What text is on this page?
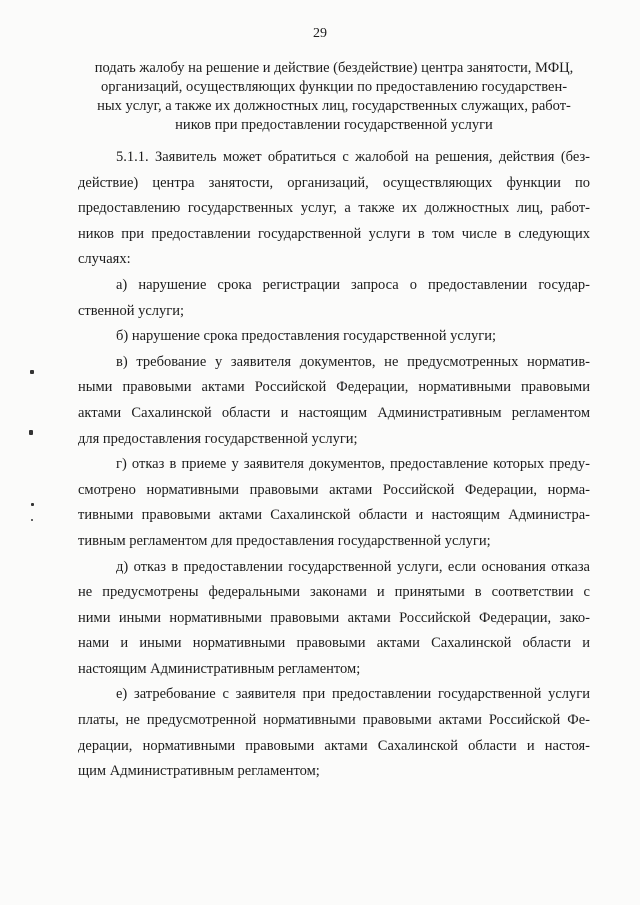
29
подать жалобу на решение и действие (бездействие) центра занятости, МФЦ,
организаций, осуществляющих функции по предоставлению государствен-
ных услуг, а также их должностных лиц, государственных служащих, работ-
ников при предоставлении государственной услуги
5.1.1. Заявитель может обратиться с жалобой на решения, действия (без-
действие) центра занятости, организаций, осуществляющих функции по
предоставлению государственных услуг, а также их должностных лиц, работ-
ников при предоставлении государственной услуги в том числе в следующих
случаях:
а) нарушение срока регистрации запроса о предоставлении государ-
ственной услуги;
б) нарушение срока предоставления государственной услуги;
в) требование у заявителя документов, не предусмотренных норматив-
ными правовыми актами Российской Федерации, нормативными правовыми
актами Сахалинской области и настоящим Административным регламентом
для предоставления государственной услуги;
г) отказ в приеме у заявителя документов, предоставление которых преду-
смотрено нормативными правовыми актами Российской Федерации, норма-
тивными правовыми актами Сахалинской области и настоящим Администра-
тивным регламентом для предоставления государственной услуги;
д) отказ в предоставлении государственной услуги, если основания отказа
не предусмотрены федеральными законами и принятыми в соответствии с
ними иными нормативными правовыми актами Российской Федерации, зако-
нами и иными нормативными правовыми актами Сахалинской области и
настоящим Административным регламентом;
е) затребование с заявителя при предоставлении государственной услуги
платы, не предусмотренной нормативными правовыми актами Российской Фе-
дерации, нормативными правовыми актами Сахалинской области и настоя-
щим Административным регламентом;
